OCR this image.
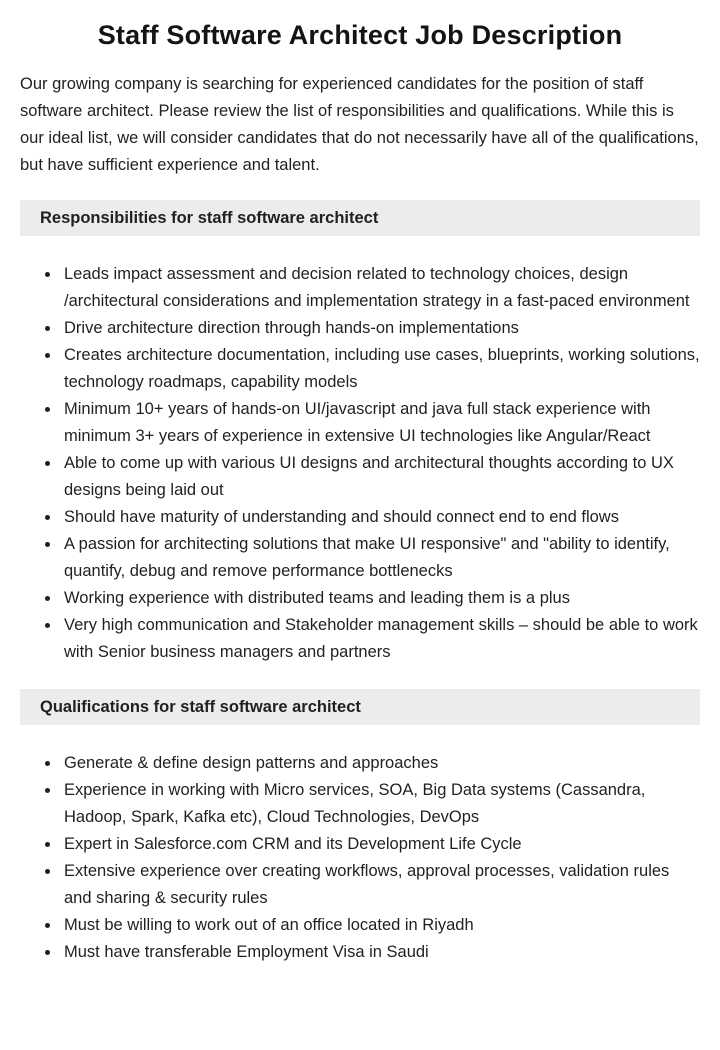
Staff Software Architect Job Description

Our growing company is searching for experienced candidates for the position of staff software architect. Please review the list of responsibilities and qualifications. While this is our ideal list, we will consider candidates that do not necessarily have all of the qualifications, but have sufficient experience and talent.

Responsibilities for staff software architect
• Leads impact assessment and decision related to technology choices, design /architectural considerations and implementation strategy in a fast-paced environment
• Drive architecture direction through hands-on implementations
• Creates architecture documentation, including use cases, blueprints, working solutions, technology roadmaps, capability models
• Minimum 10+ years of hands-on UI/javascript and java full stack experience with minimum 3+ years of experience in extensive UI technologies like Angular/React
• Able to come up with various UI designs and architectural thoughts according to UX designs being laid out
• Should have maturity of understanding and should connect end to end flows
• A passion for architecting solutions that make UI responsive" and "ability to identify, quantify, debug and remove performance bottlenecks
• Working experience with distributed teams and leading them is a plus
• Very high communication and Stakeholder management skills – should be able to work with Senior business managers and partners
Qualifications for staff software architect
• Generate & define design patterns and approaches
• Experience in working with Micro services, SOA, Big Data systems (Cassandra, Hadoop, Spark, Kafka etc), Cloud Technologies, DevOps
• Expert in Salesforce.com CRM and its Development Life Cycle
• Extensive experience over creating workflows, approval processes, validation rules and sharing & security rules
• Must be willing to work out of an office located in Riyadh
• Must have transferable Employment Visa in Saudi
